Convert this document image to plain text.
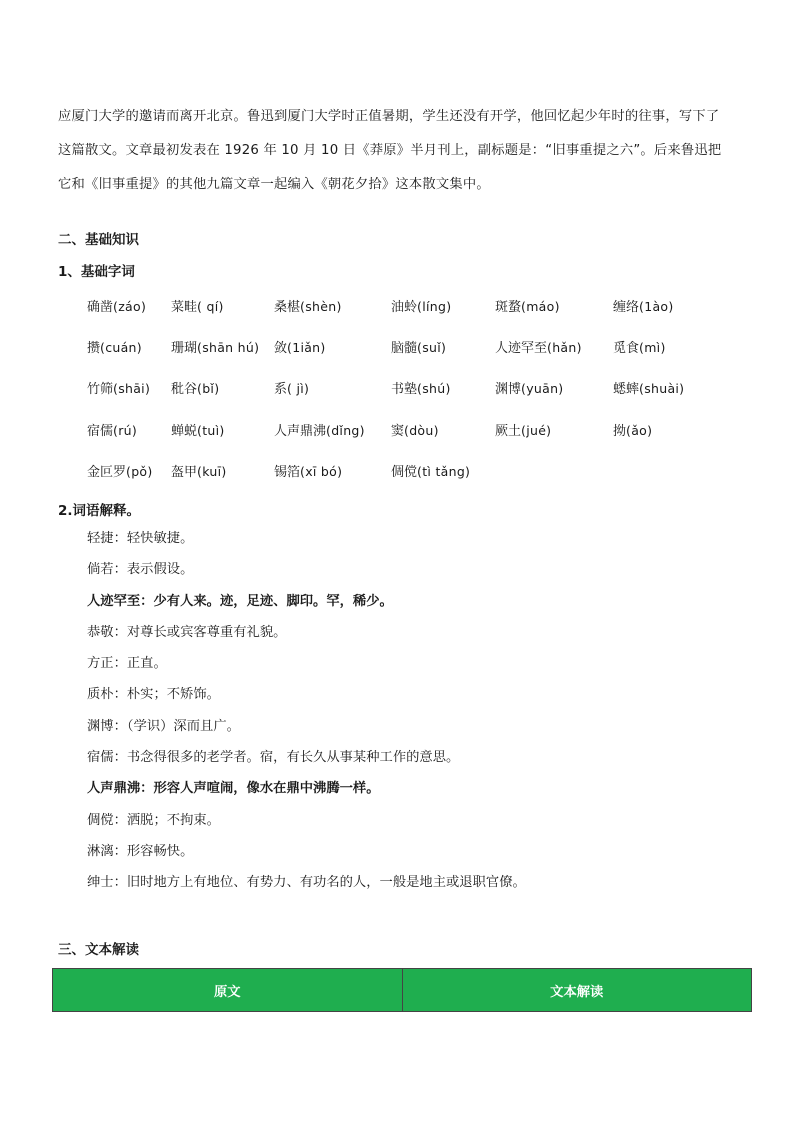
应厦门大学的邀请而离开北京。鲁迅到厦门大学时正值暑期，学生还没有开学，他回忆起少年时的往事，写下了
这篇散文。文章最初发表在 1926 年 10 月 10 日《莽原》半月刊上，副标题是：“旧事重提之六”。后来鲁迅把
它和《旧事重提》的其他九篇文章一起编入《朝花夕拾》这本散文集中。
二、基础知识
1、基础字词
确凿(záo) 菜畦( qí)	桑椹(shèn)	油蛉(líng)	斑蝥(máo)	缠络(1ào)
攒(cuán) 珊瑚(shān hú) 敛(1iǎn)	脑髓(suǐ)	人迹罕至(hǎn) 觅食(mì)
竹筛(shāi) 秕谷(bǐ)	系( jì)	书塾(shú)	渊博(yuān)	蟋蟀(shuài)
宿儒(rú)	蝉蜕(tuì)	人声鼎沸(dǐng) 窦(dòu)	厥土(jué)	拗(ǎo)
金叵罗(pǒ) 盔甲(kuī)	锡箔(xī bó)	倜傥(tì tǎng)
2.词语解释。
轻捷：轻快敏捷。
倘若：表示假设。
人迹罕至：少有人来。迹，足迹、脚印。罕，稀少。
恭敬：对尊长或宾客尊重有礼貌。
方正：正直。
质朴：朴实；不矫饰。
渊博：（学识）深而且广。
宿儒：书念得很多的老学者。宿，有长久从事某种工作的意思。
人声鼎沸：形容人声喧闹，像水在鼎中沸腾一样。
倜傥：洒脱；不拘束。
淋漓：形容畅快。
绅士：旧时地方上有地位、有势力、有功名的人，一般是地主或退职官僚。
三、文本解读
原文	文本解读
